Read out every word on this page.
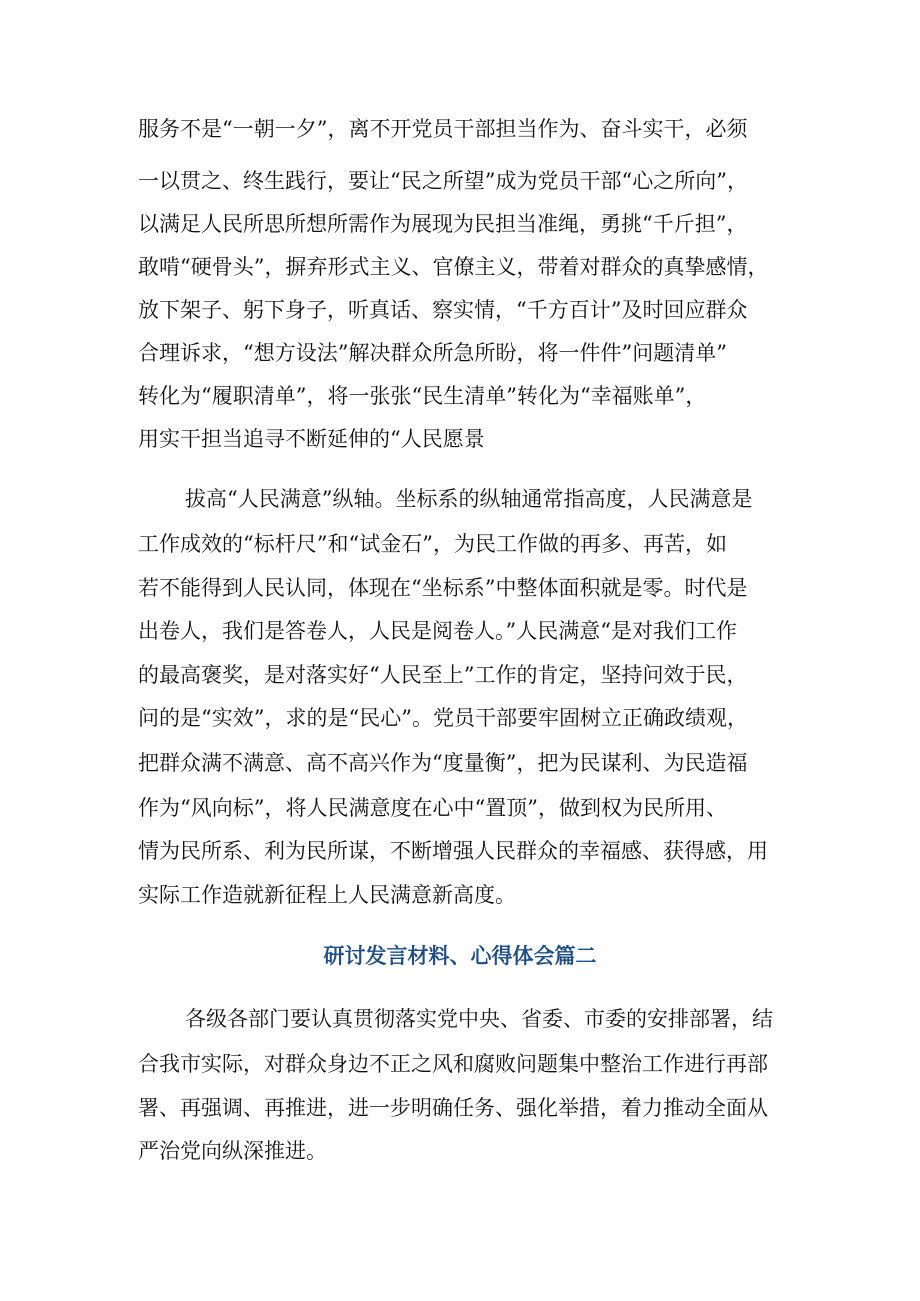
服务不是“一朝一夕”，离不开党员干部担当作为、奋斗实干，必须

一以贯之、终生践行，要让“民之所望”成为党员干部“心之所向”，

以满足人民所思所想所需作为展现为民担当准绳，勇挑“千斤担”，

敢啃“硬骨头”，摒弃形式主义、官僚主义，带着对群众的真挚感情，

放下架子、躬下身子，听真话、察实情，“千方百计”及时回应群众

合理诉求，“想方设法”解决群众所急所盼，将一件件”问题清单”

转化为“履职清单”，将一张张“民生清单”转化为“幸福账单”，

用实干担当追寻不断延伸的“人民愿景

拔高“人民满意”纵轴。坐标系的纵轴通常指高度，人民满意是

工作成效的“标杆尺”和“试金石”，为民工作做的再多、再苦，如

若不能得到人民认同，体现在“坐标系”中整体面积就是零。时代是

出卷人，我们是答卷人，人民是阅卷人。”人民满意“是对我们工作

的最高褒奖，是对落实好“人民至上”工作的肯定，坚持问效于民，

问的是“实效”，求的是“民心”。党员干部要牢固树立正确政绩观，

把群众满不满意、高不高兴作为“度量衡”，把为民谋利、为民造福

作为“风向标”，将人民满意度在心中“置顶”，做到权为民所用、

情为民所系、利为民所谋，不断增强人民群众的幸福感、获得感，用

实际工作造就新征程上人民满意新高度。

研讨发言材料、心得体会篇二

各级各部门要认真贯彻落实党中央、省委、市委的安排部署，结

合我市实际，对群众身边不正之风和腐败问题集中整治工作进行再部

署、再强调、再推进，进一步明确任务、强化举措，着力推动全面从

严治党向纵深推进。
